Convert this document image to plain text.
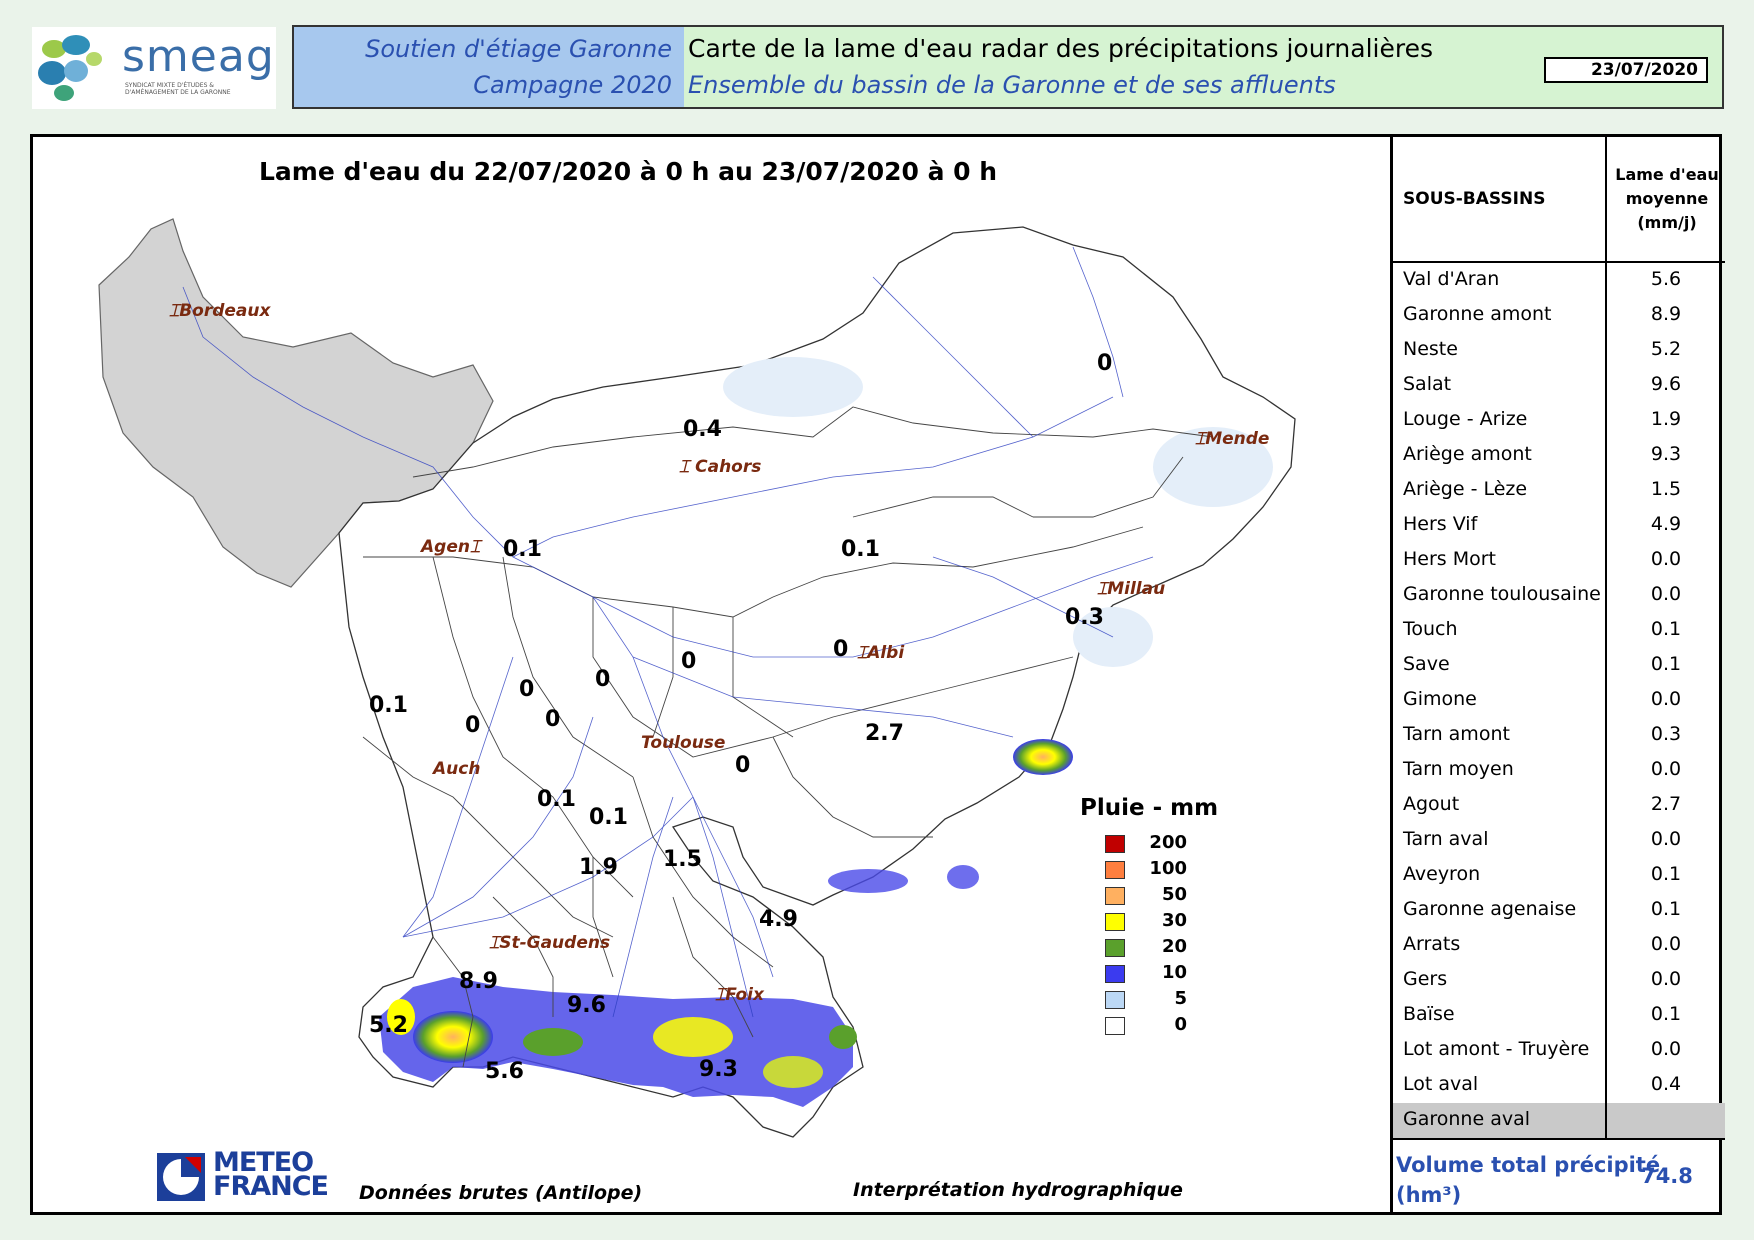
smeag
SYNDICAT MIXTE D'ÉTUDES & D'AMÉNAGEMENT DE LA GARONNE
Soutien d'étiage Garonne
Campagne 2020
Carte de la lame d'eau radar des précipitations journalières
Ensemble du bassin de la Garonne et de ses affluents
23/07/2020
Lame d'eau du 22/07/2020 à 0 h au 23/07/2020 à 0 h
⌶Bordeaux
⌶ Cahors
⌶Mende
Agen⌶
⌶Millau
⌶Albi
Toulouse
Auch
⌶St-Gaudens
⌶Foix
0
0.4
0.1	0.1
0.3
0
0
0
0.1
0
0
0
2.7
0
0.1
0.1
1.9 1.5
4.9
8.9
9.6
5.2
5.6	9.3
Pluie - mm
200
100
50
30
20
10
5
0
METEO
FRANCE Données brutes (Antilope)	Interprétation hydrographique
SOUS-BASSINS
Lame d'eau moyenne (mm/j)
Val d'Aran	5.6
Garonne amont	8.9
Neste	5.2
Salat	9.6
Louge - Arize	1.9
Ariège amont	9.3
Ariège - Lèze	1.5
Hers Vif	4.9
Hers Mort	0.0
Garonne toulousaine	0.0
Touch	0.1
Save	0.1
Gimone	0.0
Tarn amont	0.3
Tarn moyen	0.0
Agout	2.7
Tarn aval	0.0
Aveyron	0.1
Garonne agenaise	0.1
Arrats	0.0
Gers	0.0
Baïse	0.1
Lot amont - Truyère	0.0
Lot aval	0.4
Garonne aval
Volume total précipité (hm³)
74.8
